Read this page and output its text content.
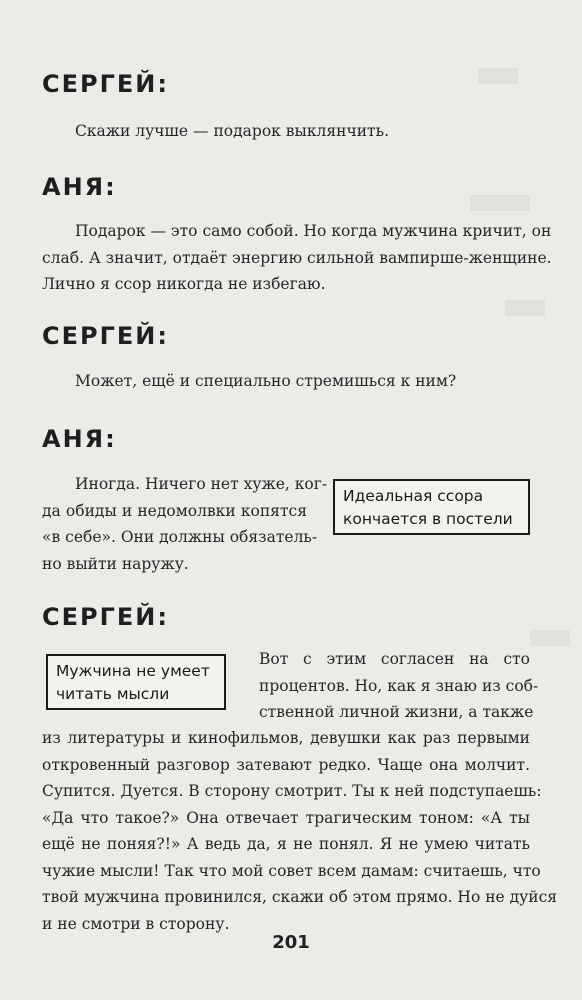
СЕРГЕЙ:

Скажи лучше — подарок выклянчить.

АНЯ:

Подарок — это само собой. Но когда мужчина кричит, он
слаб. А значит, отдаёт энергию сильной вампирше-женщине.
Лично я ссор никогда не избегаю.

СЕРГЕЙ:

Может, ещё и специально стремишься к ним?

АНЯ:

Иногда. Ничего нет хуже, ког-
да обиды и недомолвки копятся
«в себе». Они должны обязатель-
но выйти наружу.

Идеальная ссора
кончается в постели
СЕРГЕЙ:
Мужчина не умеет
читать мысли

Вот с этим согласен на сто
процентов. Но, как я знаю из соб-
ственной личной жизни, а также

из литературы и кинофильмов, девушки как раз первыми
откровенный разговор затевают редко. Чаще она молчит.
Супится. Дуется. В сторону смотрит. Ты к ней подступаешь:
«Да что такое?» Она отвечает трагическим тоном: «А ты
ещё не поняя?!» А ведь да, я не понял. Я не умею читать
чужие мысли! Так что мой совет всем дамам: считаешь, что
твой мужчина провинился, скажи об этом прямо. Но не дуйся
и не смотри в сторону.

201
